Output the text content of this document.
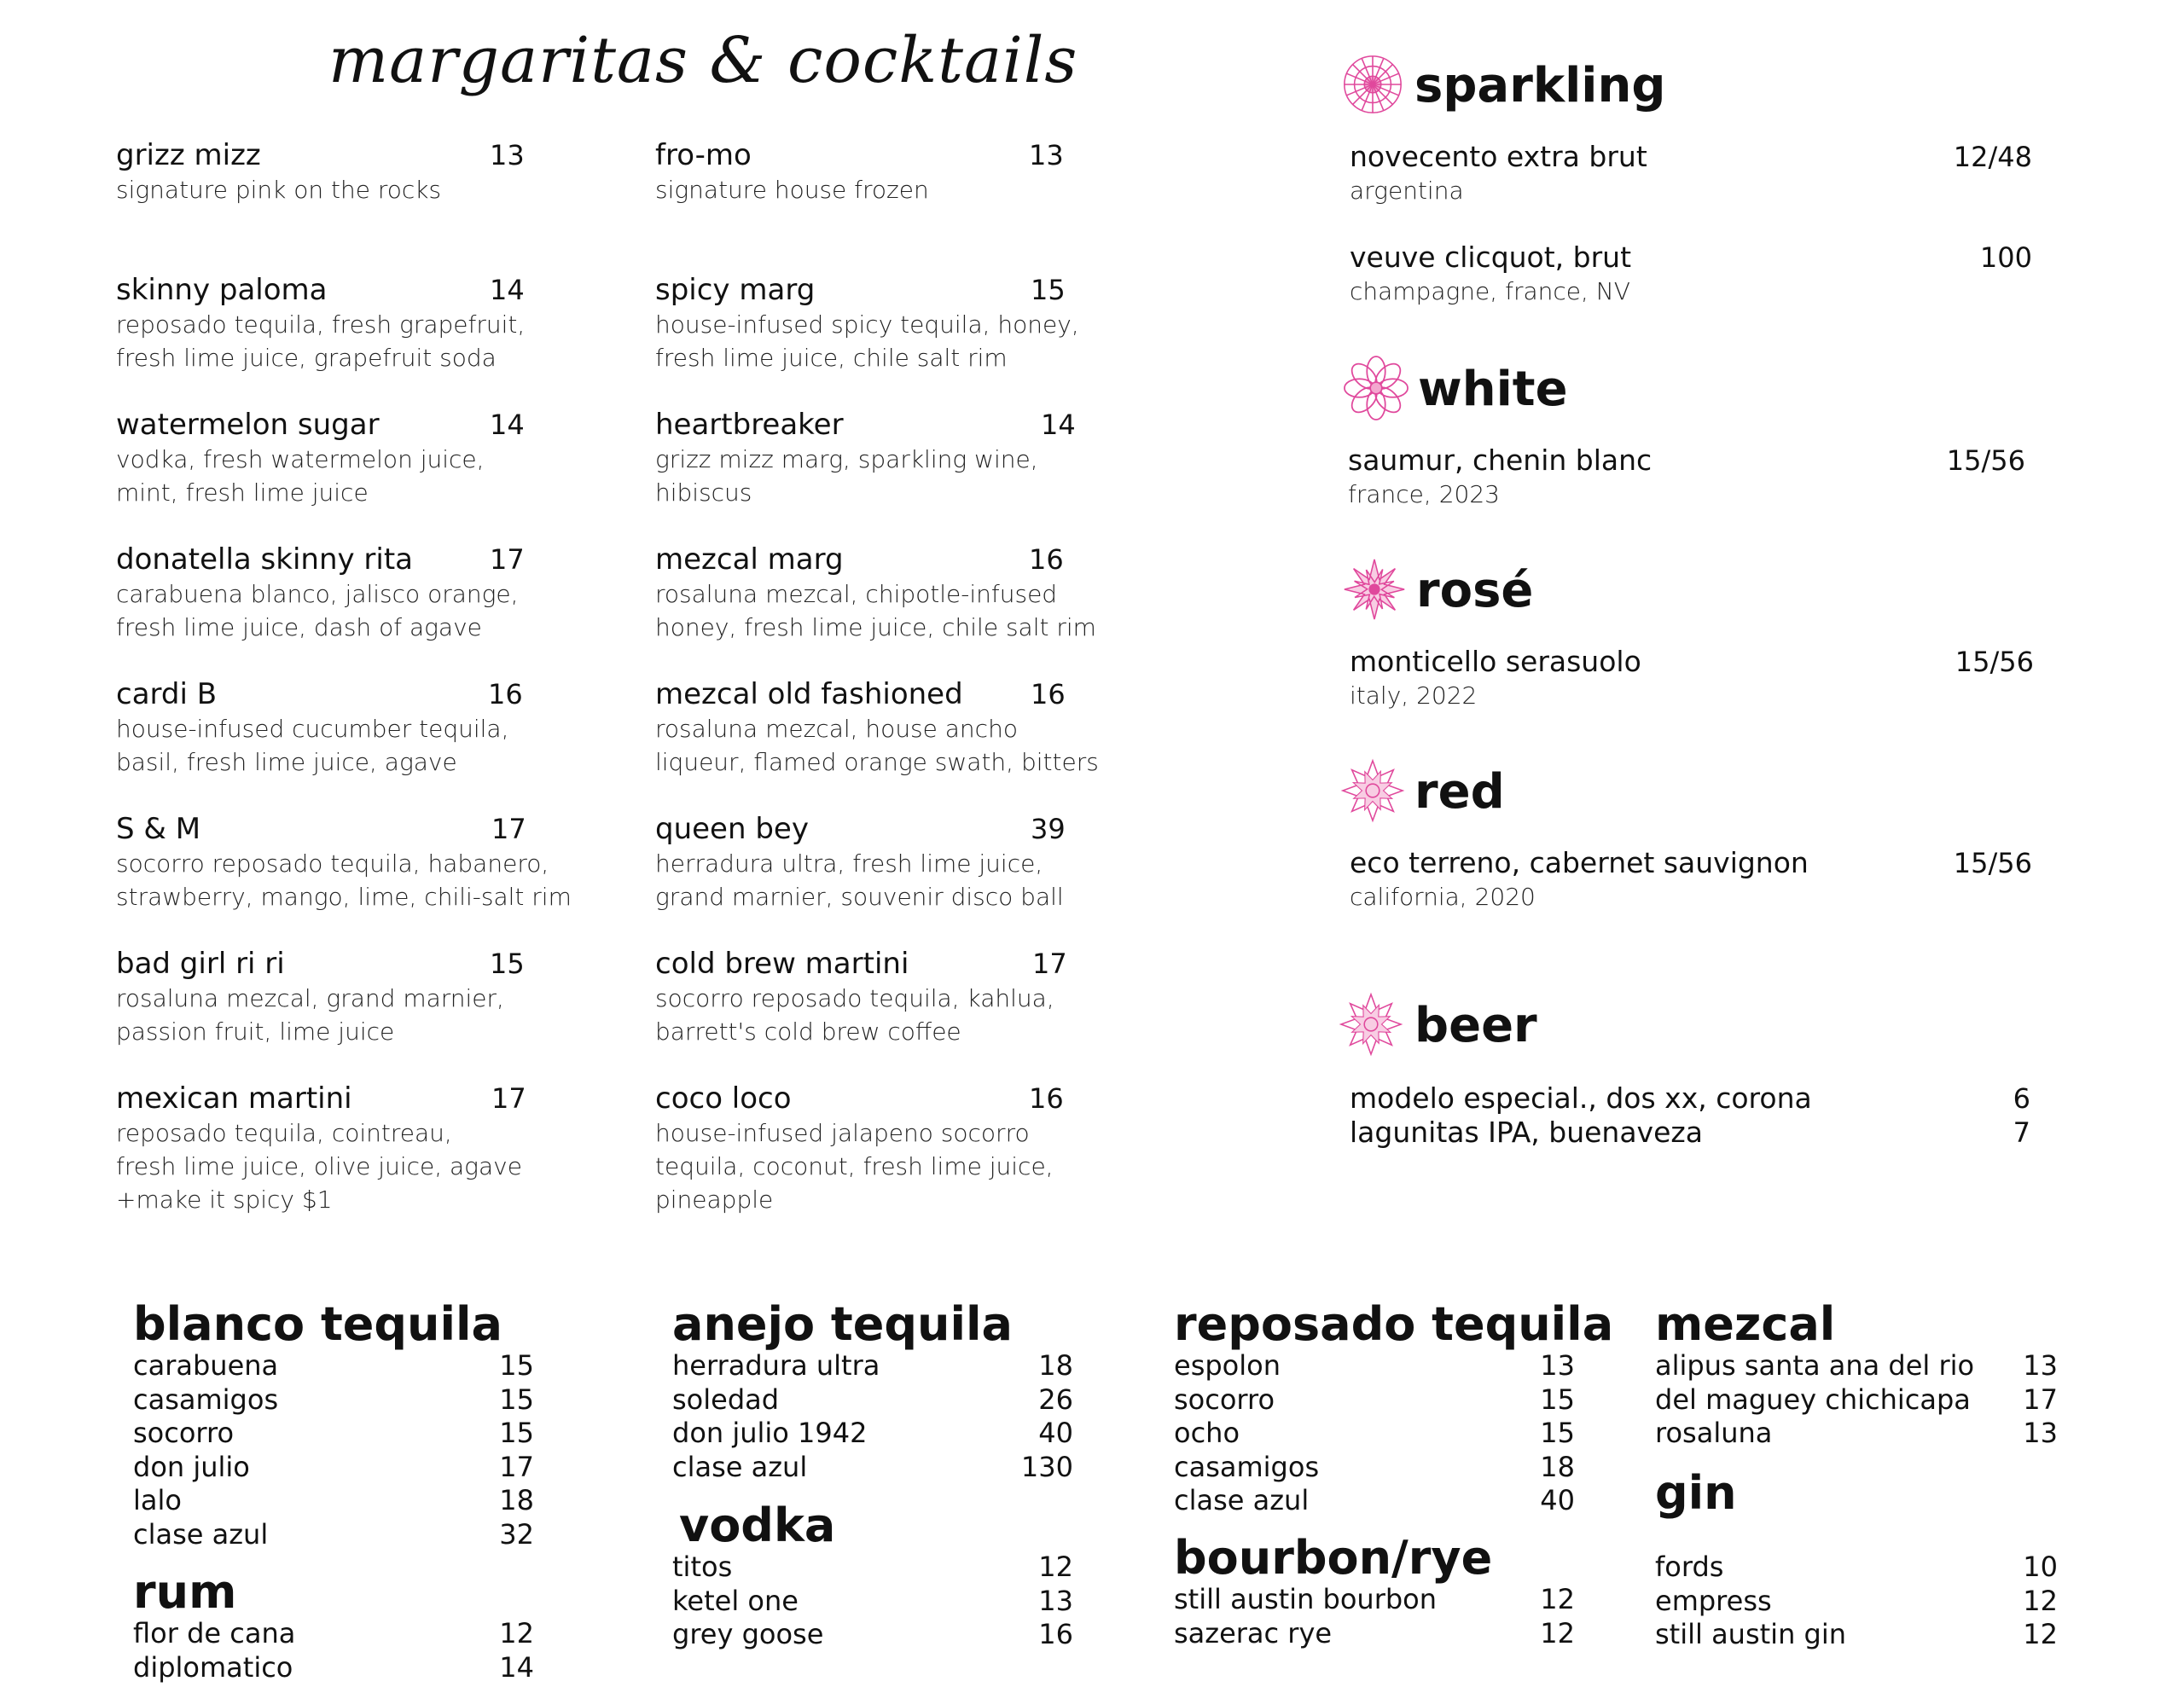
margaritas & cocktails
grizz mizz	13
signature pink on the rocks
skinny paloma	14
reposado tequila, fresh grapefruit,
fresh lime juice, grapefruit soda
watermelon sugar	14
vodka, fresh watermelon juice,
mint, fresh lime juice
donatella skinny rita	17
carabuena blanco, jalisco orange,
fresh lime juice, dash of agave
cardi B	16
house-infused cucumber tequila,
basil, fresh lime juice, agave
S & M	17
socorro reposado tequila, habanero,
strawberry, mango, lime, chili-salt rim
bad girl ri ri	15
rosaluna mezcal, grand marnier,
passion fruit, lime juice
mexican martini	17
reposado tequila, cointreau,
fresh lime juice, olive juice, agave
+make it spicy $1
fro-mo	13
signature house frozen
spicy marg	15
house-infused spicy tequila, honey,
fresh lime juice, chile salt rim
heartbreaker	14
grizz mizz marg, sparkling wine,
hibiscus
mezcal marg	16
rosaluna mezcal, chipotle-infused
honey, fresh lime juice, chile salt rim
mezcal old fashioned 16
rosaluna mezcal, house ancho
liqueur, flamed orange swath, bitters
queen bey	39
herradura ultra, fresh lime juice,
grand marnier, souvenir disco ball
cold brew martini	17
socorro reposado tequila, kahlua,
barrett's cold brew coffee
coco loco	16
house-infused jalapeno socorro
tequila, coconut, fresh lime juice,
pineapple
sparkling
novecento extra brut	12/48
argentina
veuve clicquot, brut	100
champagne, france, NV
white
saumur, chenin blanc	15/56
france, 2023
rosé
monticello serasuolo	15/56
italy, 2022
red
eco terreno, cabernet sauvignon	15/56
california, 2020
beer
modelo especial., dos xx, corona	6
lagunitas IPA, buenaveza	7
blanco tequila
carabuena	15
casamigos	15
socorro	15
don julio	17
lalo	18
clase azul	32
rum
flor de cana	12
diplomatico	14
anejo tequila
herradura ultra	18
soledad	26
don julio 1942	40
clase azul	130
vodka
titos	12
ketel one	13
grey goose	16
reposado tequila
espolon	13
socorro	15
ocho	15
casamigos	18
clase azul	40
bourbon/rye
still austin bourbon	12
sazerac rye	12
mezcal
alipus santa ana del rio 13
del maguey chichicapa 17
rosaluna	13
gin
fords	10
empress	12
still austin gin	12
